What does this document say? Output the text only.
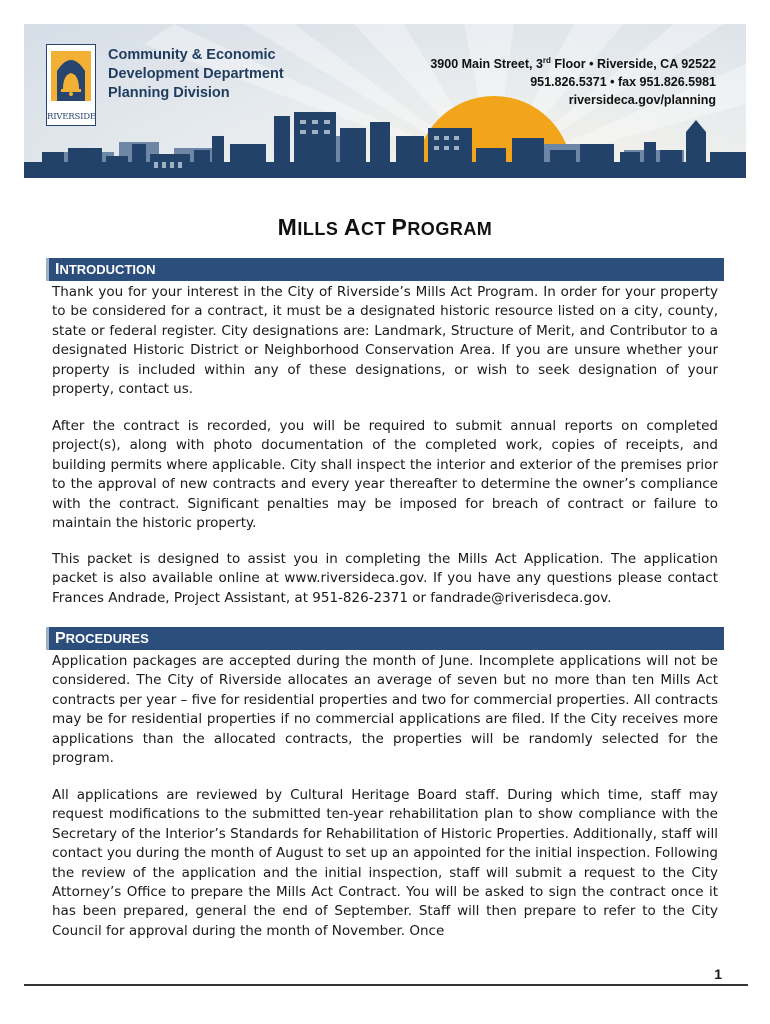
RIVERSIDE
Community & Economic
Development Department
Planning Division
3900 Main Street, 3rd Floor • Riverside, CA 92522
951.826.5371 • fax 951.826.5981
riversideca.gov/planning
MILLS ACT PROGRAM
INTRODUCTION

Thank you for your interest in the City of Riverside’s Mills Act Program. In order for your property to be considered for a contract, it must be a designated historic resource listed on a city, county, state or federal register. City designations are: Landmark, Structure of Merit, and Contributor to a designated Historic District or Neighborhood Conservation Area. If you are unsure whether your property is included within any of these designations, or wish to seek designation of your property, contact us.

After the contract is recorded, you will be required to submit annual reports on completed project(s), along with photo documentation of the completed work, copies of receipts, and building permits where applicable. City shall inspect the interior and exterior of the premises prior to the approval of new contracts and every year thereafter to determine the owner’s compliance with the contract. Significant penalties may be imposed for breach of contract or failure to maintain the historic property.

This packet is designed to assist you in completing the Mills Act Application. The application packet is also available online at www.riversideca.gov. If you have any questions please contact Frances Andrade, Project Assistant, at 951-826-2371 or fandrade@riverisdeca.gov.

PROCEDURES

Application packages are accepted during the month of June. Incomplete applications will not be considered. The City of Riverside allocates an average of seven but no more than ten Mills Act contracts per year – five for residential properties and two for commercial properties. All contracts may be for residential properties if no commercial applications are filed. If the City receives more applications than the allocated contracts, the properties will be randomly selected for the program.

All applications are reviewed by Cultural Heritage Board staff. During which time, staff may request modifications to the submitted ten-year rehabilitation plan to show compliance with the Secretary of the Interior’s Standards for Rehabilitation of Historic Properties. Additionally, staff will contact you during the month of August to set up an appointed for the initial inspection. Following the review of the application and the initial inspection, staff will submit a request to the City Attorney’s Office to prepare the Mills Act Contract. You will be asked to sign the contract once it has been prepared, general the end of September. Staff will then prepare to refer to the City Council for approval during the month of November. Once

1
